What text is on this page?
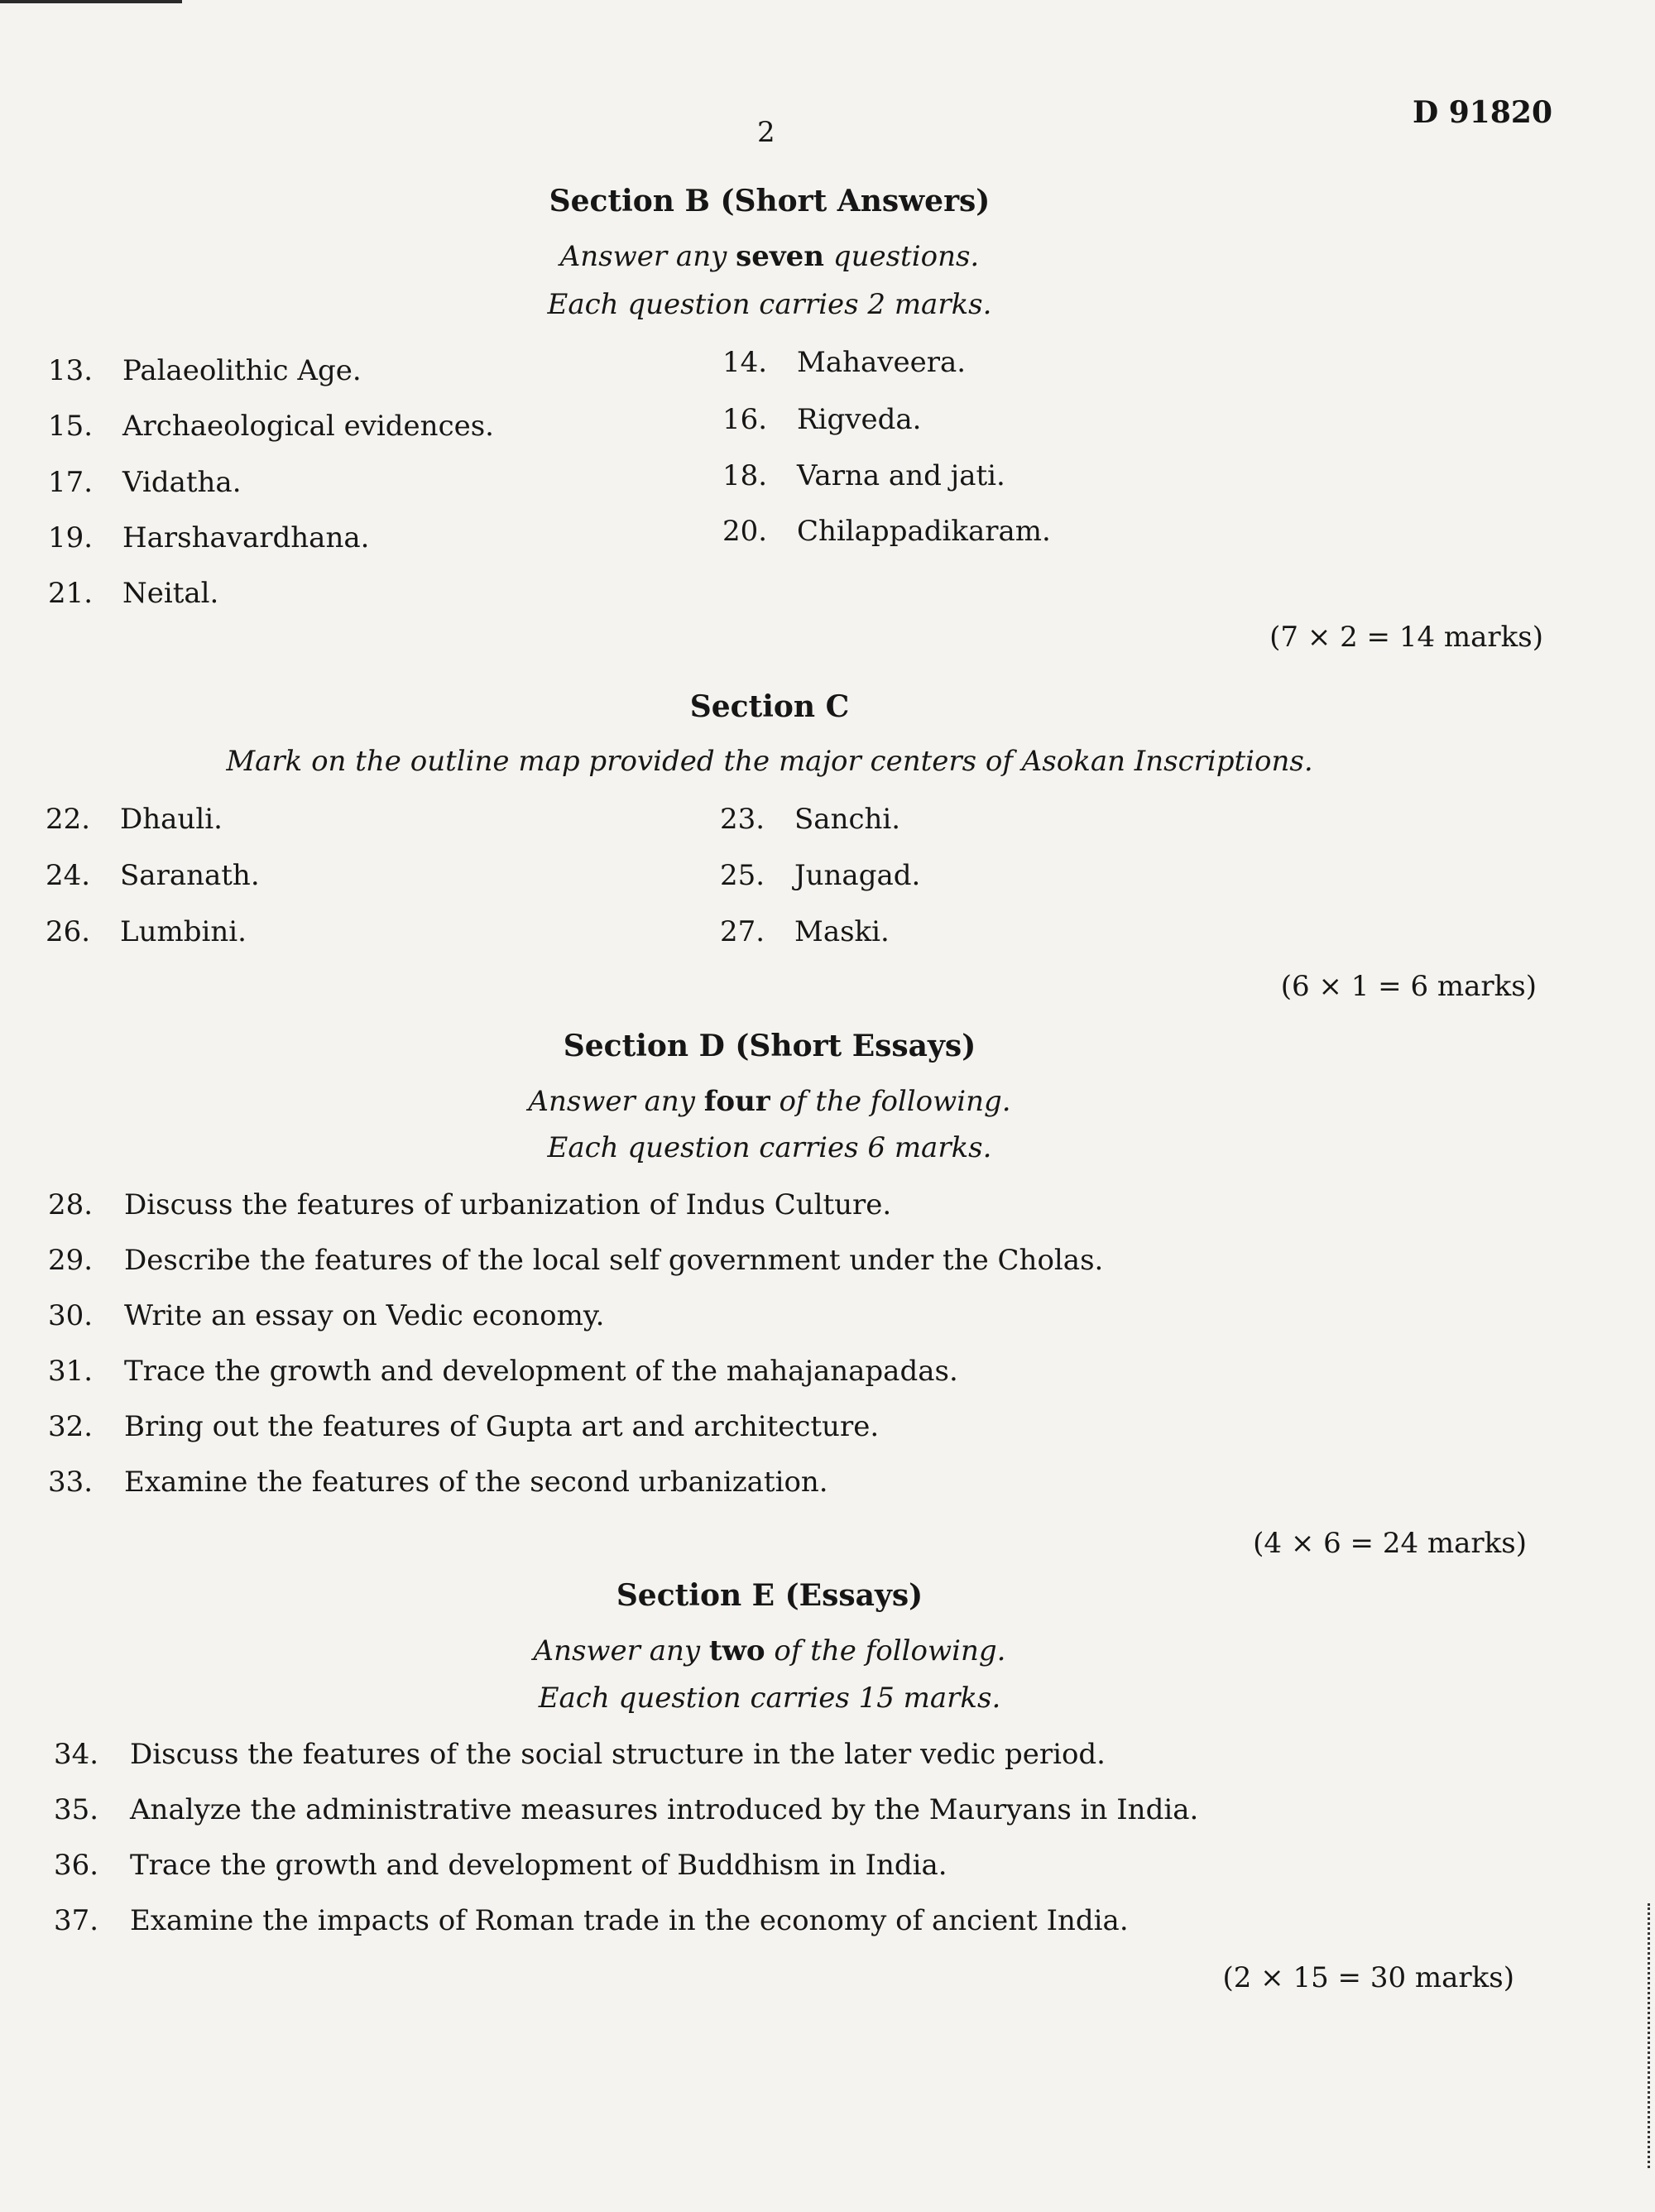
2
D 91820
Section B (Short Answers)
Answer any seven questions.
Each question carries 2 marks.
13. Palaeolithic Age.	14. Mahaveera.
15. Archaeological evidences.	16. Rigveda.
17. Vidatha.	18. Varna and jati.
19. Harshavardhana.	20. Chilappadikaram.
21. Neital.
(7 × 2 = 14 marks)
Section C
Mark on the outline map provided the major centers of Asokan Inscriptions.
22. Dhauli.	23. Sanchi.
24. Saranath.	25. Junagad.
26. Lumbini.	27. Maski.
(6 × 1 = 6 marks)
Section D (Short Essays)
Answer any four of the following.
Each question carries 6 marks.
28. Discuss the features of urbanization of Indus Culture.
29. Describe the features of the local self government under the Cholas.
30. Write an essay on Vedic economy.
31. Trace the growth and development of the mahajanapadas.
32. Bring out the features of Gupta art and architecture.
33. Examine the features of the second urbanization.
(4 × 6 = 24 marks)
Section E (Essays)
Answer any two of the following.
Each question carries 15 marks.
34. Discuss the features of the social structure in the later vedic period.
35. Analyze the administrative measures introduced by the Mauryans in India.
36. Trace the growth and development of Buddhism in India.
37. Examine the impacts of Roman trade in the economy of ancient India.
(2 × 15 = 30 marks)
